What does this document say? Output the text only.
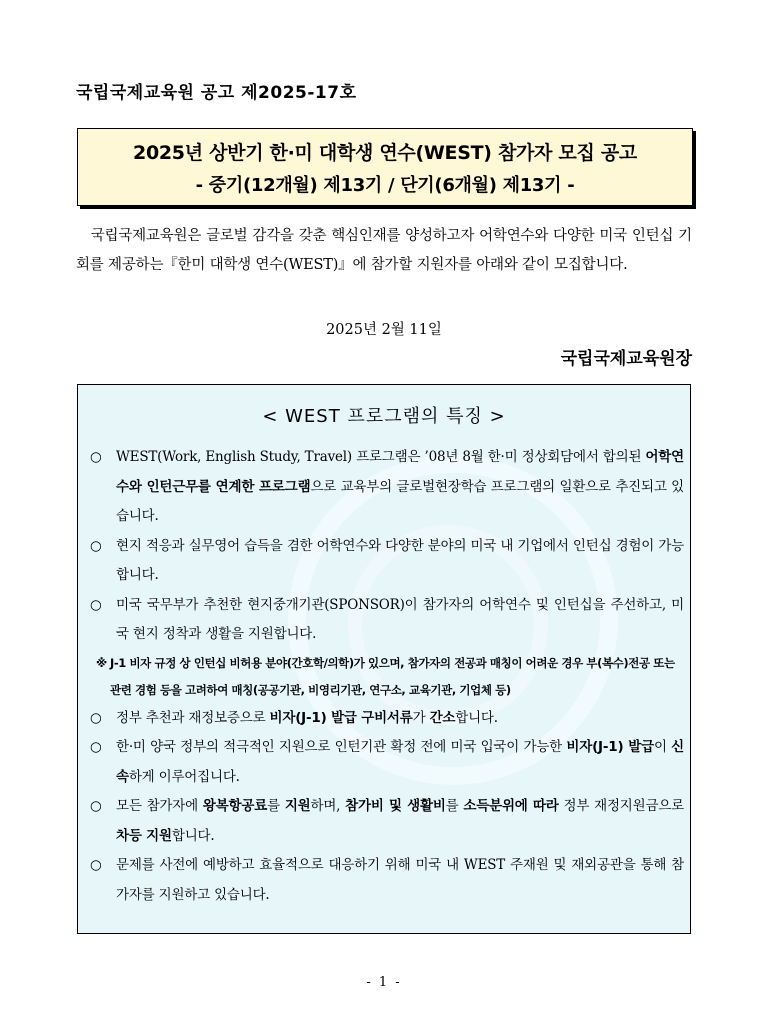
국립국제교육원 공고 제2025-17호
2025년 상반기 한·미 대학생 연수(WEST) 참가자 모집 공고
- 중기(12개월) 제13기 / 단기(6개월) 제13기 -
국립국제교육원은 글로벌 감각을 갖춘 핵심인재를 양성하고자 어학연수와 다양한 미국 인턴십 기회를 제공하는『한미 대학생 연수(WEST)』에 참가할 지원자를 아래와 같이 모집합니다.
2025년 2월 11일
국립국제교육원장
< WEST 프로그램의 특징 >
○	WEST(Work, English Study, Travel) 프로그램은 ’08년 8월 한·미 정상회담에서 합의된 어학연수와 인턴근무를 연계한 프로그램으로 교육부의 글로벌현장학습 프로그램의 일환으로 추진되고 있습니다.
○	현지 적응과 실무영어 습득을 겸한 어학연수와 다양한 분야의 미국 내 기업에서 인턴십 경험이 가능합니다.
○	미국 국무부가 추천한 현지중개기관(SPONSOR)이 참가자의 어학연수 및 인턴십을 주선하고, 미국 현지 정착과 생활을 지원합니다.
※ J-1 비자 규정 상 인턴십 비허용 분야(간호학/의학)가 있으며, 참가자의 전공과 매칭이 어려운 경우 부(복수)전공 또는 관련 경험 등을 고려하여 매칭(공공기관, 비영리기관, 연구소, 교육기관, 기업체 등)
○	정부 추천과 재정보증으로 비자(J-1) 발급 구비서류가 간소합니다.
○	한·미 양국 정부의 적극적인 지원으로 인턴기관 확정 전에 미국 입국이 가능한 비자(J-1) 발급이 신속하게 이루어집니다.
○	모든 참가자에 왕복항공료를 지원하며, 참가비 및 생활비를 소득분위에 따라 정부 재정지원금으로 차등 지원합니다.
○	문제를 사전에 예방하고 효율적으로 대응하기 위해 미국 내 WEST 주재원 및 재외공관을 통해 참가자를 지원하고 있습니다.
- 1 -
